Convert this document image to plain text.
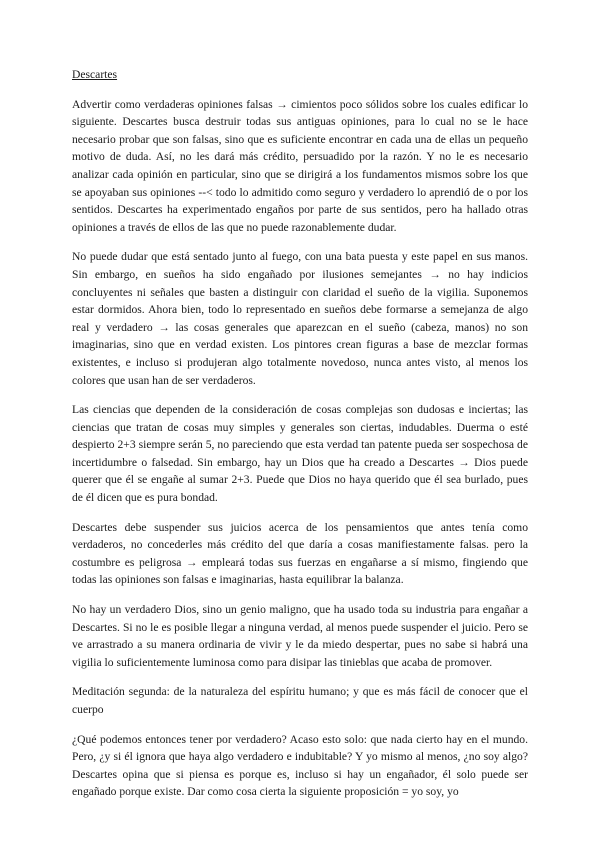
Descartes

Advertir como verdaderas opiniones falsas → cimientos poco sólidos sobre los cuales edificar lo siguiente. Descartes busca destruir todas sus antiguas opiniones, para lo cual no se le hace necesario probar que son falsas, sino que es suficiente encontrar en cada una de ellas un pequeño motivo de duda. Así, no les dará más crédito, persuadido por la razón. Y no le es necesario analizar cada opinión en particular, sino que se dirigirá a los fundamentos mismos sobre los que se apoyaban sus opiniones --< todo lo admitido como seguro y verdadero lo aprendió de o por los sentidos. Descartes ha experimentado engaños por parte de sus sentidos, pero ha hallado otras opiniones a través de ellos de las que no puede razonablemente dudar.

No puede dudar que está sentado junto al fuego, con una bata puesta y este papel en sus manos. Sin embargo, en sueños ha sido engañado por ilusiones semejantes → no hay indicios concluyentes ni señales que basten a distinguir con claridad el sueño de la vigilia. Suponemos estar dormidos. Ahora bien, todo lo representado en sueños debe formarse a semejanza de algo real y verdadero → las cosas generales que aparezcan en el sueño (cabeza, manos) no son imaginarias, sino que en verdad existen. Los pintores crean figuras a base de mezclar formas existentes, e incluso si produjeran algo totalmente novedoso, nunca antes visto, al menos los colores que usan han de ser verdaderos.

Las ciencias que dependen de la consideración de cosas complejas son dudosas e inciertas; las ciencias que tratan de cosas muy simples y generales son ciertas, indudables. Duerma o esté despierto 2+3 siempre serán 5, no pareciendo que esta verdad tan patente pueda ser sospechosa de incertidumbre o falsedad. Sin embargo, hay un Dios que ha creado a Descartes → Dios puede querer que él se engañe al sumar 2+3. Puede que Dios no haya querido que él sea burlado, pues de él dicen que es pura bondad.

Descartes debe suspender sus juicios acerca de los pensamientos que antes tenía como verdaderos, no concederles más crédito del que daría a cosas manifiestamente falsas. pero la costumbre es peligrosa → empleará todas sus fuerzas en engañarse a sí mismo, fingiendo que todas las opiniones son falsas e imaginarias, hasta equilibrar la balanza.

No hay un verdadero Dios, sino un genio maligno, que ha usado toda su industria para engañar a Descartes. Si no le es posible llegar a ninguna verdad, al menos puede suspender el juicio. Pero se ve arrastrado a su manera ordinaria de vivir y le da miedo despertar, pues no sabe si habrá una vigilia lo suficientemente luminosa como para disipar las tinieblas que acaba de promover.

Meditación segunda: de la naturaleza del espíritu humano; y que es más fácil de conocer que el cuerpo

¿Qué podemos entonces tener por verdadero? Acaso esto solo: que nada cierto hay en el mundo. Pero, ¿y si él ignora que haya algo verdadero e indubitable? Y yo mismo al menos, ¿no soy algo? Descartes opina que si piensa es porque es, incluso si hay un engañador, él solo puede ser engañado porque existe. Dar como cosa cierta la siguiente proposición = yo soy, yo
